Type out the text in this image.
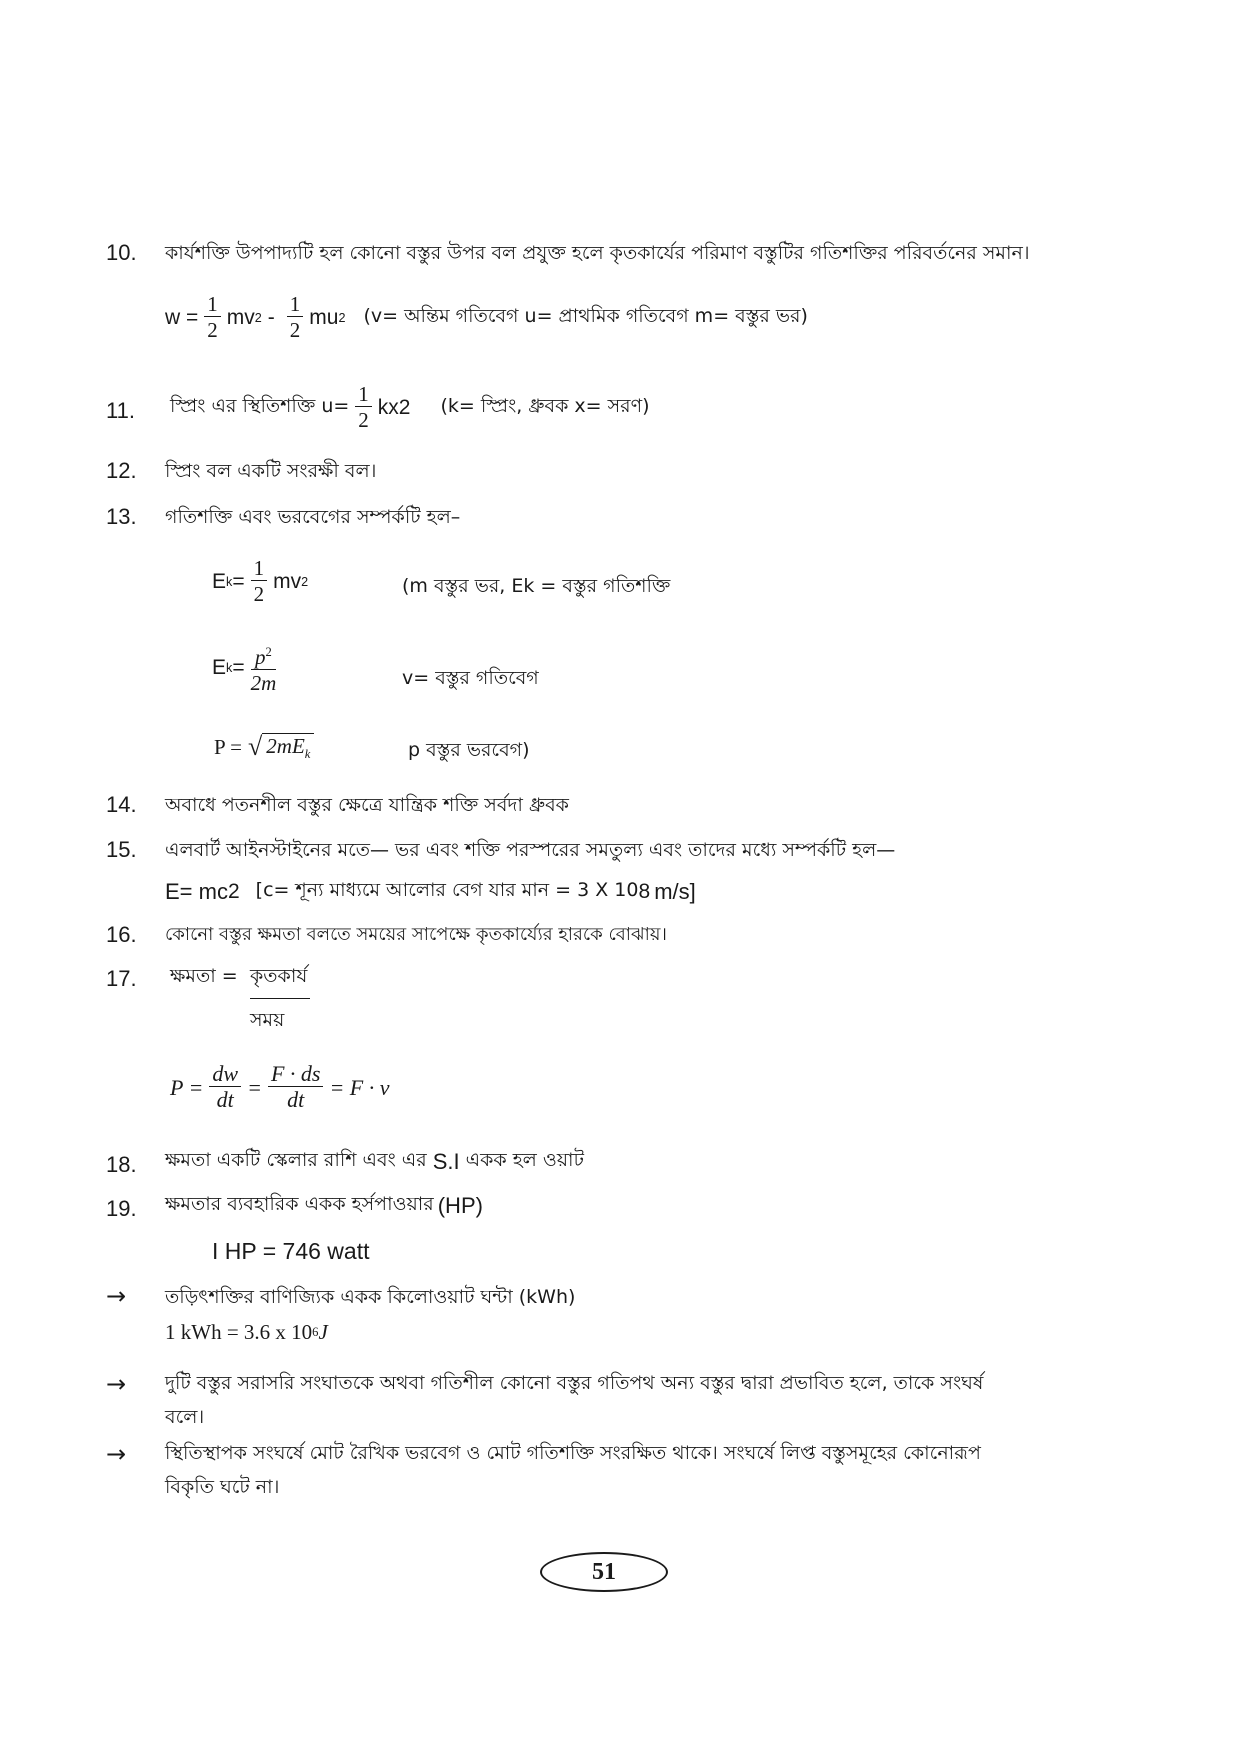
10. কার্যশক্তি উপপাদ্যটি হল কোনো বস্তুর উপর বল প্রযুক্ত হলে কৃতকার্যের পরিমাণ বস্তুটির গতিশক্তির পরিবর্তনের সমান।
$w = \frac{1}{2}$ mv $2 - \frac{1}{2}$ mu 2 (v= অন্তিম গতিবেগ u= প্রাথমিক গতিবেগ m= বস্তুর ভর)
11. স্প্রিং এর স্থিতিশক্তি $u= \frac{1}{2}$ kx 2 (k= স্প্রিং, ধ্রুবক x= সরণ)
12. স্প্রিং বল একটি সংরক্ষী বল।
13. গতিশক্তি এবং ভরবেগের সম্পর্কটি হল–
E $k = \frac{1}{2}$ mv 2	(m বস্তুর ভর, Ek = বস্তুর গতিশক্তি
E $k = \frac{p^2}{2m}$	v= বস্তুর গতিবেগ
P = √ $2mE_k$	p বস্তুর ভরবেগ)
14. অবাধে পতনশীল বস্তুর ক্ষেত্রে যান্ত্রিক শক্তি সর্বদা ধ্রুবক
15. এলবার্ট আইনস্টাইনের মতে— ভর এবং শক্তি পরস্পরের সমতুল্য এবং তাদের মধ্যে সম্পর্কটি হল—
E= mc 2 [c= শূন্য মাধ্যমে আলোর বেগ যার মান = 3 X 10 8 m/s]
16. কোনো বস্তুর ক্ষমতা বলতে সময়ের সাপেক্ষে কৃতকার্য্যের হারকে বোঝায়।
17. ক্ষমতা = কৃতকার্য
সময়
$P = \frac{dw}{dt} = \frac{F \cdot ds}{dt} = F \cdot v$
18. ক্ষমতা একটি স্কেলার রাশি এবং এর S.I একক হল ওয়াট
19. ক্ষমতার ব্যবহারিক একক হর্সপাওয়ার (HP)
I HP = 746 watt
→ তড়িৎশক্তির বাণিজ্যিক একক কিলোওয়াট ঘন্টা (kWh)
1 kWh = 3.6 x 10 6 J
→ দুটি বস্তুর সরাসরি সংঘাতকে অথবা গতিশীল কোনো বস্তুর গতিপথ অন্য বস্তুর দ্বারা প্রভাবিত হলে, তাকে সংঘর্ষ
বলে।
→ স্থিতিস্থাপক সংঘর্ষে মোট রৈখিক ভরবেগ ও মোট গতিশক্তি সংরক্ষিত থাকে। সংঘর্ষে লিপ্ত বস্তুসমূহের কোনোরূপ
বিকৃতি ঘটে না।
51
